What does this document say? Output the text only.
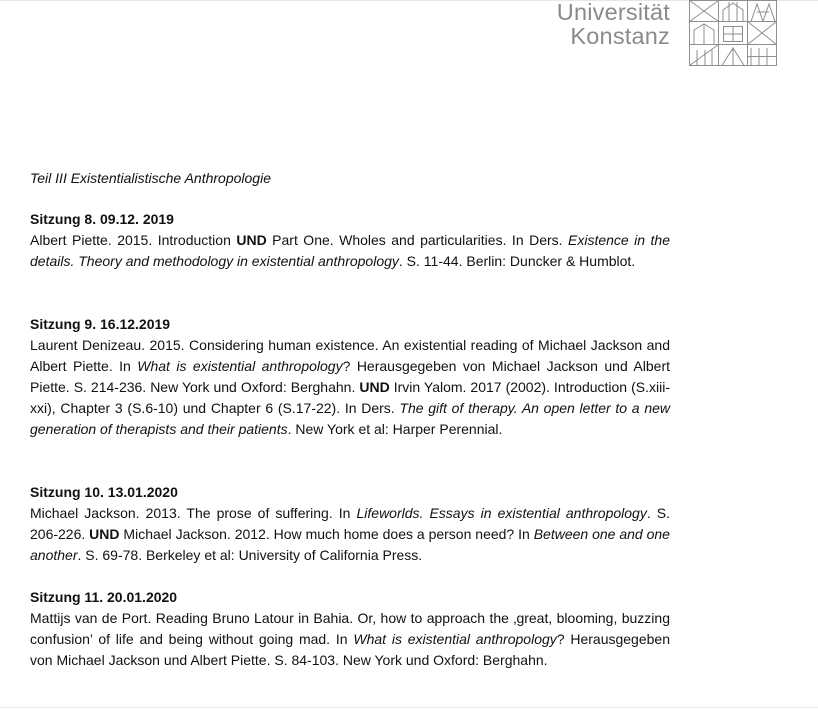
Universität
Konstanz
Teil III Existentialistische Anthropologie
Sitzung 8. 09.12. 2019
Albert Piette. 2015. Introduction UND Part One. Wholes and particularities. In Ders. Existence in the details. Theory and methodology in existential anthropology. S. 11-44. Berlin: Duncker & Humblot.
Sitzung 9. 16.12.2019
Laurent Denizeau. 2015. Considering human existence. An existential reading of Michael Jackson and Albert Piette. In What is existential anthropology? Herausgegeben von Michael Jackson und Albert Piette. S. 214-236. New York und Oxford: Berghahn. UND Irvin Yalom. 2017 (2002). Introduction (S.xiii-xxi), Chapter 3 (S.6-10) und Chapter 6 (S.17-22). In Ders. The gift of therapy. An open letter to a new generation of therapists and their patients. New York et al: Harper Perennial.
Sitzung 10. 13.01.2020
Michael Jackson. 2013. The prose of suffering. In Lifeworlds. Essays in existential anthropology. S. 206-226. UND Michael Jackson. 2012. How much home does a person need? In Between one and one another. S. 69-78. Berkeley et al: University of California Press.
Sitzung 11. 20.01.2020
Mattijs van de Port. Reading Bruno Latour in Bahia. Or, how to approach the ‚great, blooming, buzzing confusion’ of life and being without going mad. In What is existential anthropology? Herausgegeben von Michael Jackson und Albert Piette. S. 84-103. New York und Oxford: Berghahn.
